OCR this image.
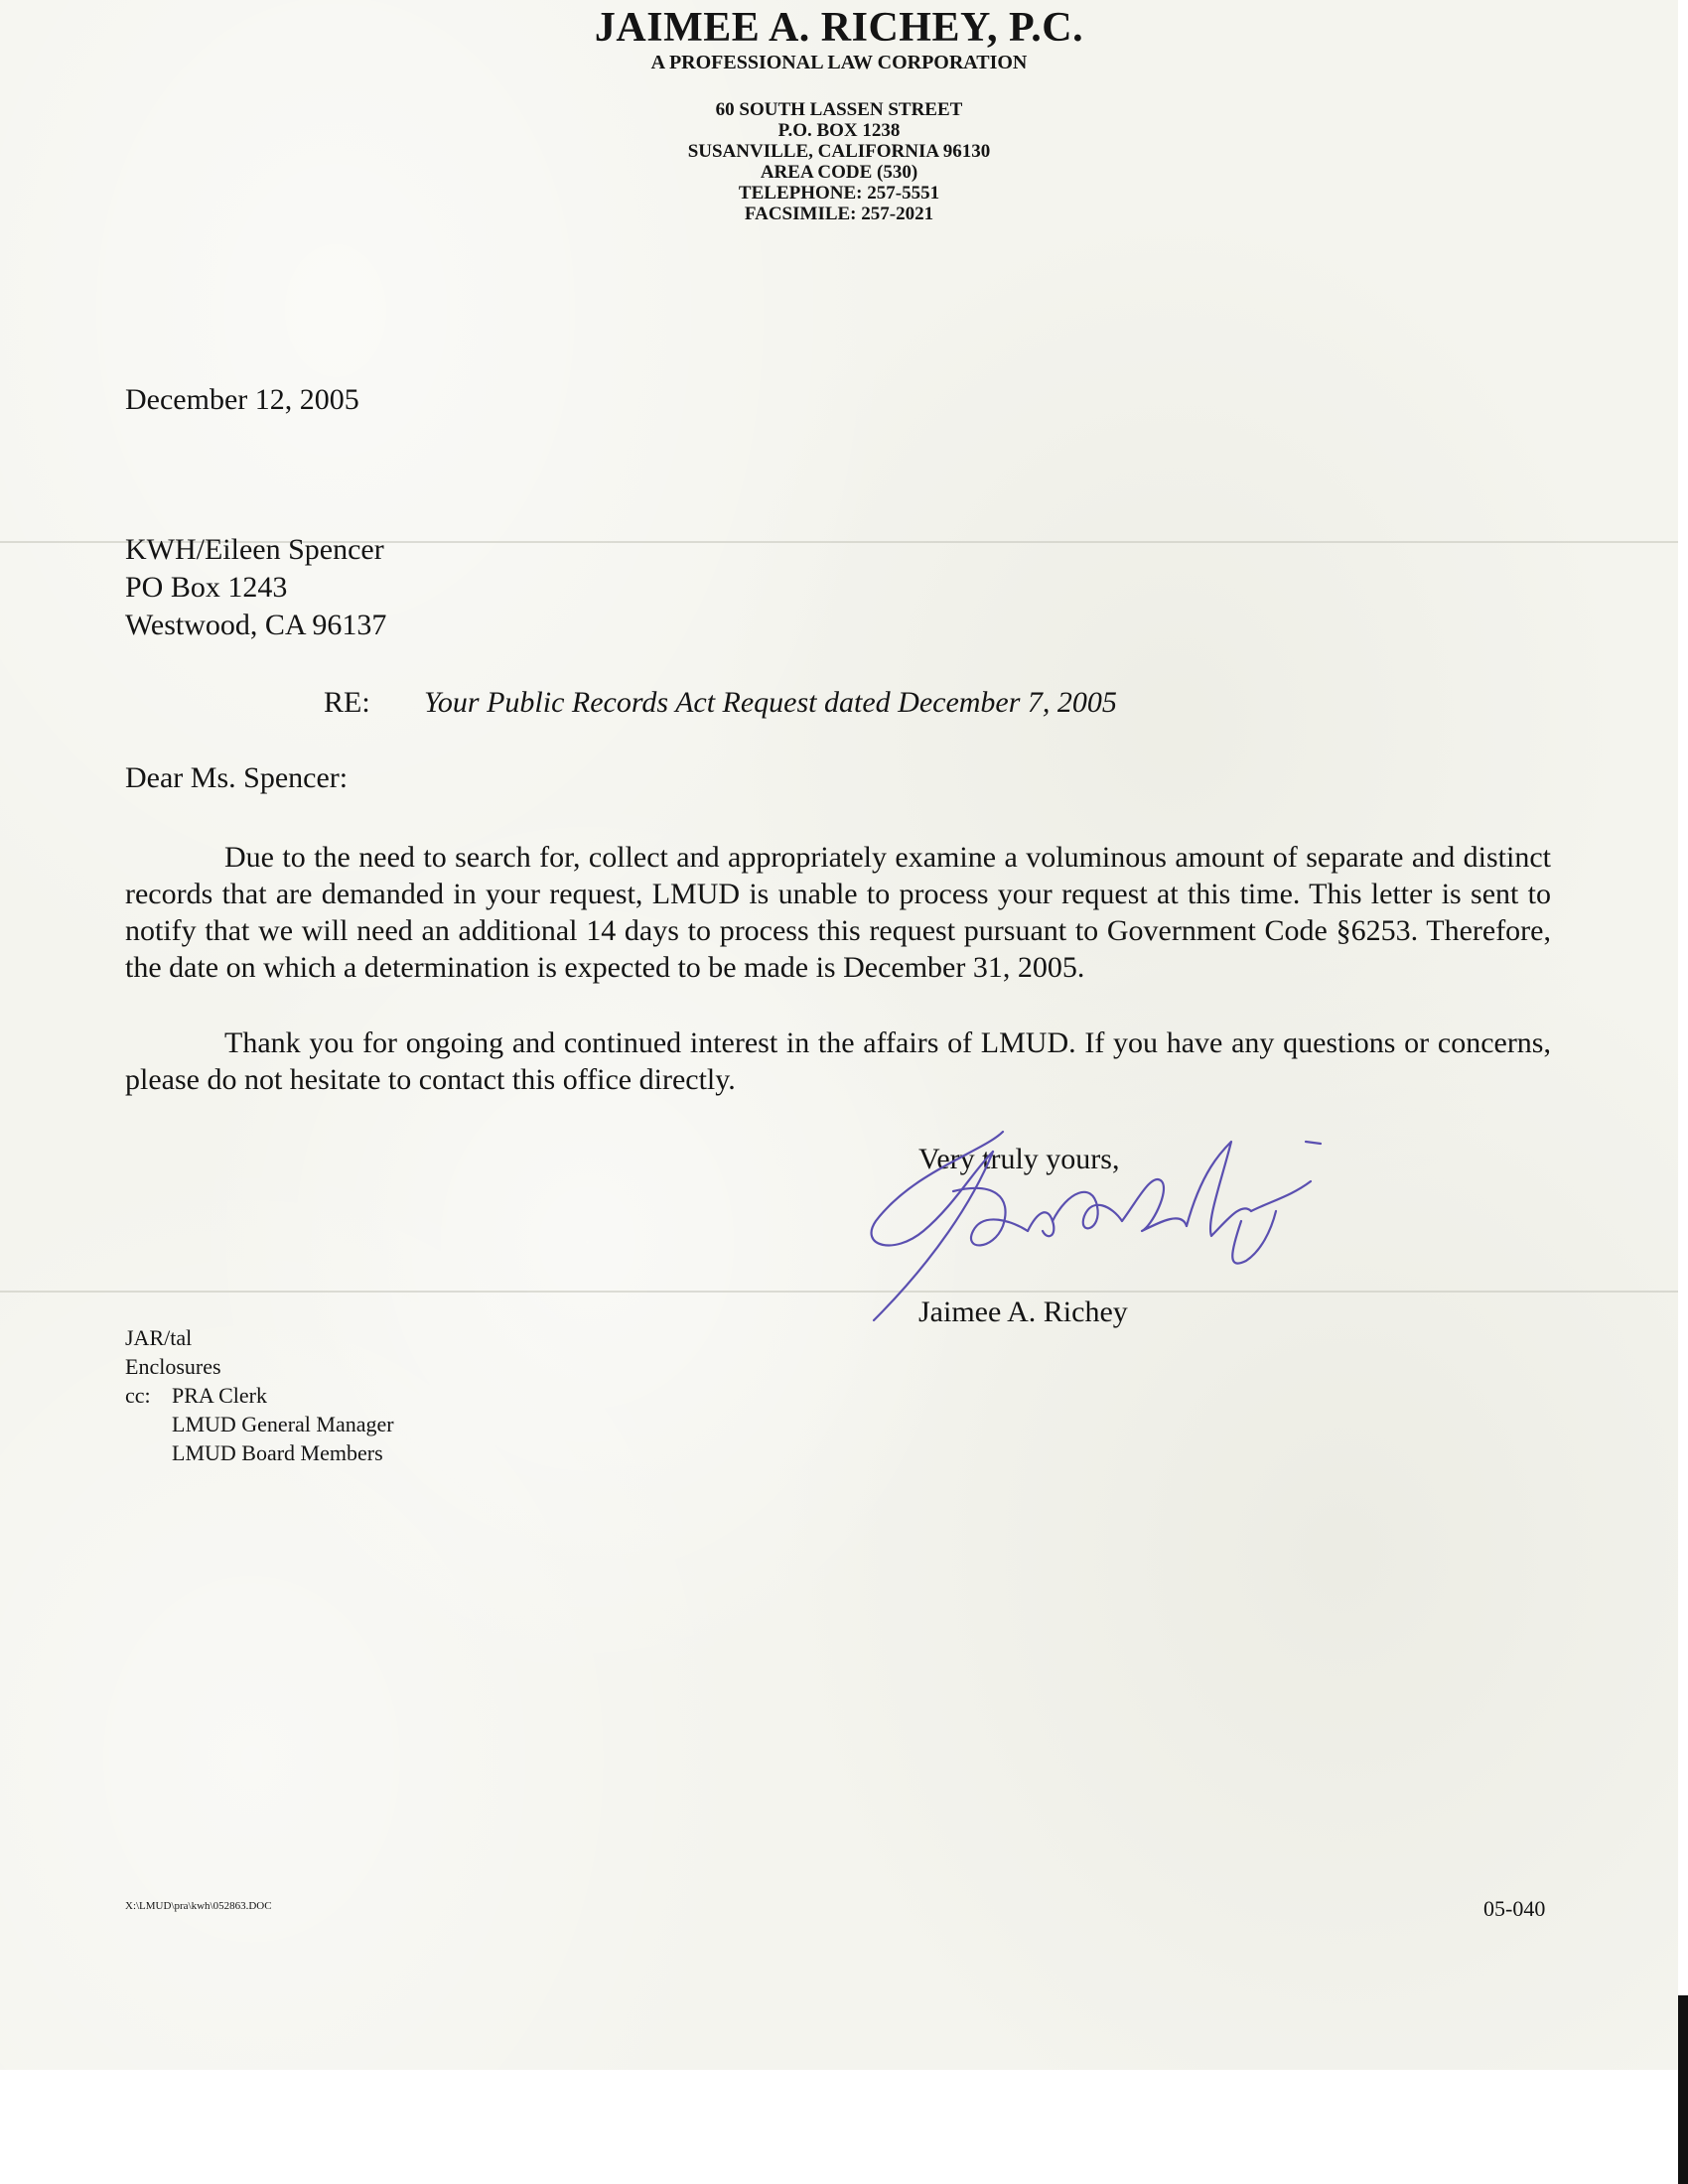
JAIMEE A. RICHEY, P.C.
A PROFESSIONAL LAW CORPORATION
60 SOUTH LASSEN STREET
P.O. BOX 1238
SUSANVILLE, CALIFORNIA 96130
AREA CODE (530)
TELEPHONE: 257-5551
FACSIMILE: 257-2021
December 12, 2005
KWH/Eileen Spencer
PO Box 1243
Westwood, CA 96137
RE: Your Public Records Act Request dated December 7, 2005
Dear Ms. Spencer:
Due to the need to search for, collect and appropriately examine a voluminous amount of separate and distinct records that are demanded in your request, LMUD is unable to process your request at this time. This letter is sent to notify that we will need an additional 14 days to process this request pursuant to Government Code §6253. Therefore, the date on which a determination is expected to be made is December 31, 2005.
Thank you for ongoing and continued interest in the affairs of LMUD. If you have any questions or concerns, please do not hesitate to contact this office directly.
Very truly yours,
Jaimee A. Richey
JAR/tal
Enclosures
cc: PRA Clerk
LMUD General Manager
LMUD Board Members
X:\LMUD\pra\kwh\052863.DOC	05-040
